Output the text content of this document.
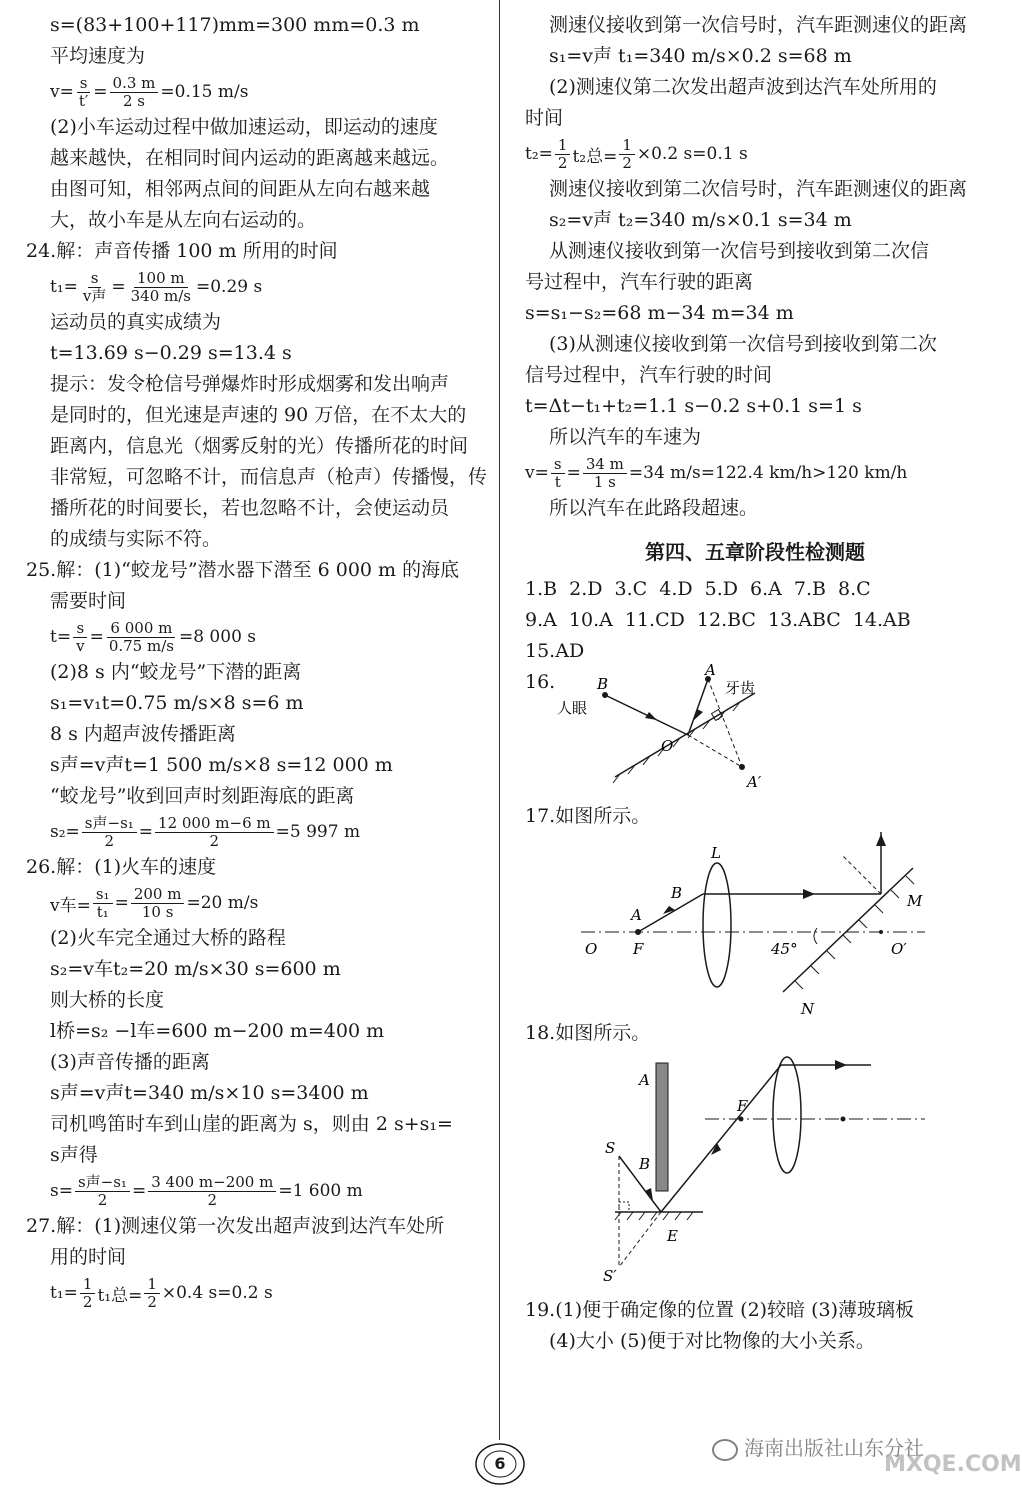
s=(83+100+117)mm=300 mm=0.3 m
平均速度为
$v= \frac{s}{t'} = \frac{0.3 m}{2 s} =0.15$ m/s
(2)小车运动过程中做加速运动，即运动的速度
越来越快，在相同时间内运动的距离越来越远。
由图可知，相邻两点间的间距从左向右越来越
大，故小车是从左向右运动的。
24.解：声音传播 100 m 所用的时间
$t_1= \frac{s}{\text{v声}} = \frac{100 m}{340 m/s} =0.29$ s
运动员的真实成绩为
t=13.69 s−0.29 s=13.4 s
提示：发令枪信号弹爆炸时形成烟雾和发出响声
是同时的，但光速是声速的 90 万倍，在不太大的
距离内，信息光（烟雾反射的光）传播所花的时间
非常短，可忽略不计，而信息声（枪声）传播慢，传
播所花的时间要长，若也忽略不计，会使运动员
的成绩与实际不符。
25.解：(1)“蛟龙号”潜水器下潜至 6 000 m 的海底
需要时间
$t= \frac{s}{v} = \frac{6 000 m}{0.75 m/s} =8$ 000 s
(2)8 s 内“蛟龙号”下潜的距离
s₁=v₁t=0.75 m/s×8 s=6 m
8 s 内超声波传播距离
s声=v声t=1 500 m/s×8 s=12 000 m
“蛟龙号”收到回声时刻距海底的距离
$s_2= \frac{\text{s声−s₁}}{2} = \frac{12 000 m-6 m}{2} =5$ 997 m
26.解：(1)火车的速度
v车= $\frac{\text{s₁}}{\text{t₁}} = \frac{200 m}{10 s} =20$ m/s
(2)火车完全通过大桥的路程
s₂=v车t₂=20 m/s×30 s=600 m
则大桥的长度
l桥=s₂ −l车=600 m−200 m=400 m
(3)声音传播的距离
s声=v声t=340 m/s×10 s=3400 m
司机鸣笛时车到山崖的距离为 s，则由 2 s+s₁=
s声得
$s= \frac{\text{s声−s₁}}{2} = \frac{3 400 m-200 m}{2} =1$ 600 m
27.解：(1)测速仪第一次发出超声波到达汽车处所
用的时间
$t_1= \frac{1}{2} t_1$总= $\frac{1}{2} \times 0.4$ s=0.2 s
测速仪接收到第一次信号时，汽车距测速仪的距离
s₁=v声 t₁=340 m/s×0.2 s=68 m
(2)测速仪第二次发出超声波到达汽车处所用的
时间
$t_2= \frac{1}{2} t_2$总= $\frac{1}{2} \times 0.2$ s=0.1 s
测速仪接收到第二次信号时，汽车距测速仪的距离
s₂=v声 t₂=340 m/s×0.1 s=34 m
从测速仪接收到第一次信号到接收到第二次信
号过程中，汽车行驶的距离
s=s₁−s₂=68 m−34 m=34 m
(3)从测速仪接收到第一次信号到接收到第二次
信号过程中，汽车行驶的时间
t=Δt−t₁+t₂=1.1 s−0.2 s+0.1 s=1 s
所以汽车的车速为
$v= \frac{s}{t} = \frac{34 m}{1 s} =34$ m/s=122.4 km/h>120 km/h
所以汽车在此路段超速。
第四、五章阶段性检测题
1.B 2.D 3.C 4.D 5.D 6.A 7.B 8.C
9.A 10.A 11.CD 12.BC 13.ABC 14.AB
15.AD
16.	B
A
人眼
牙齿
O
A′
17.如图所示。
L
B
A
O F	45°	O′
M
N
18.如图所示。
A
B
S
F
E
S′
19.(1)便于确定像的位置 (2)较暗 (3)薄玻璃板
(4)大小 (5)便于对比物像的大小关系。
6
海南出版社山东分社
MXQE.COM
